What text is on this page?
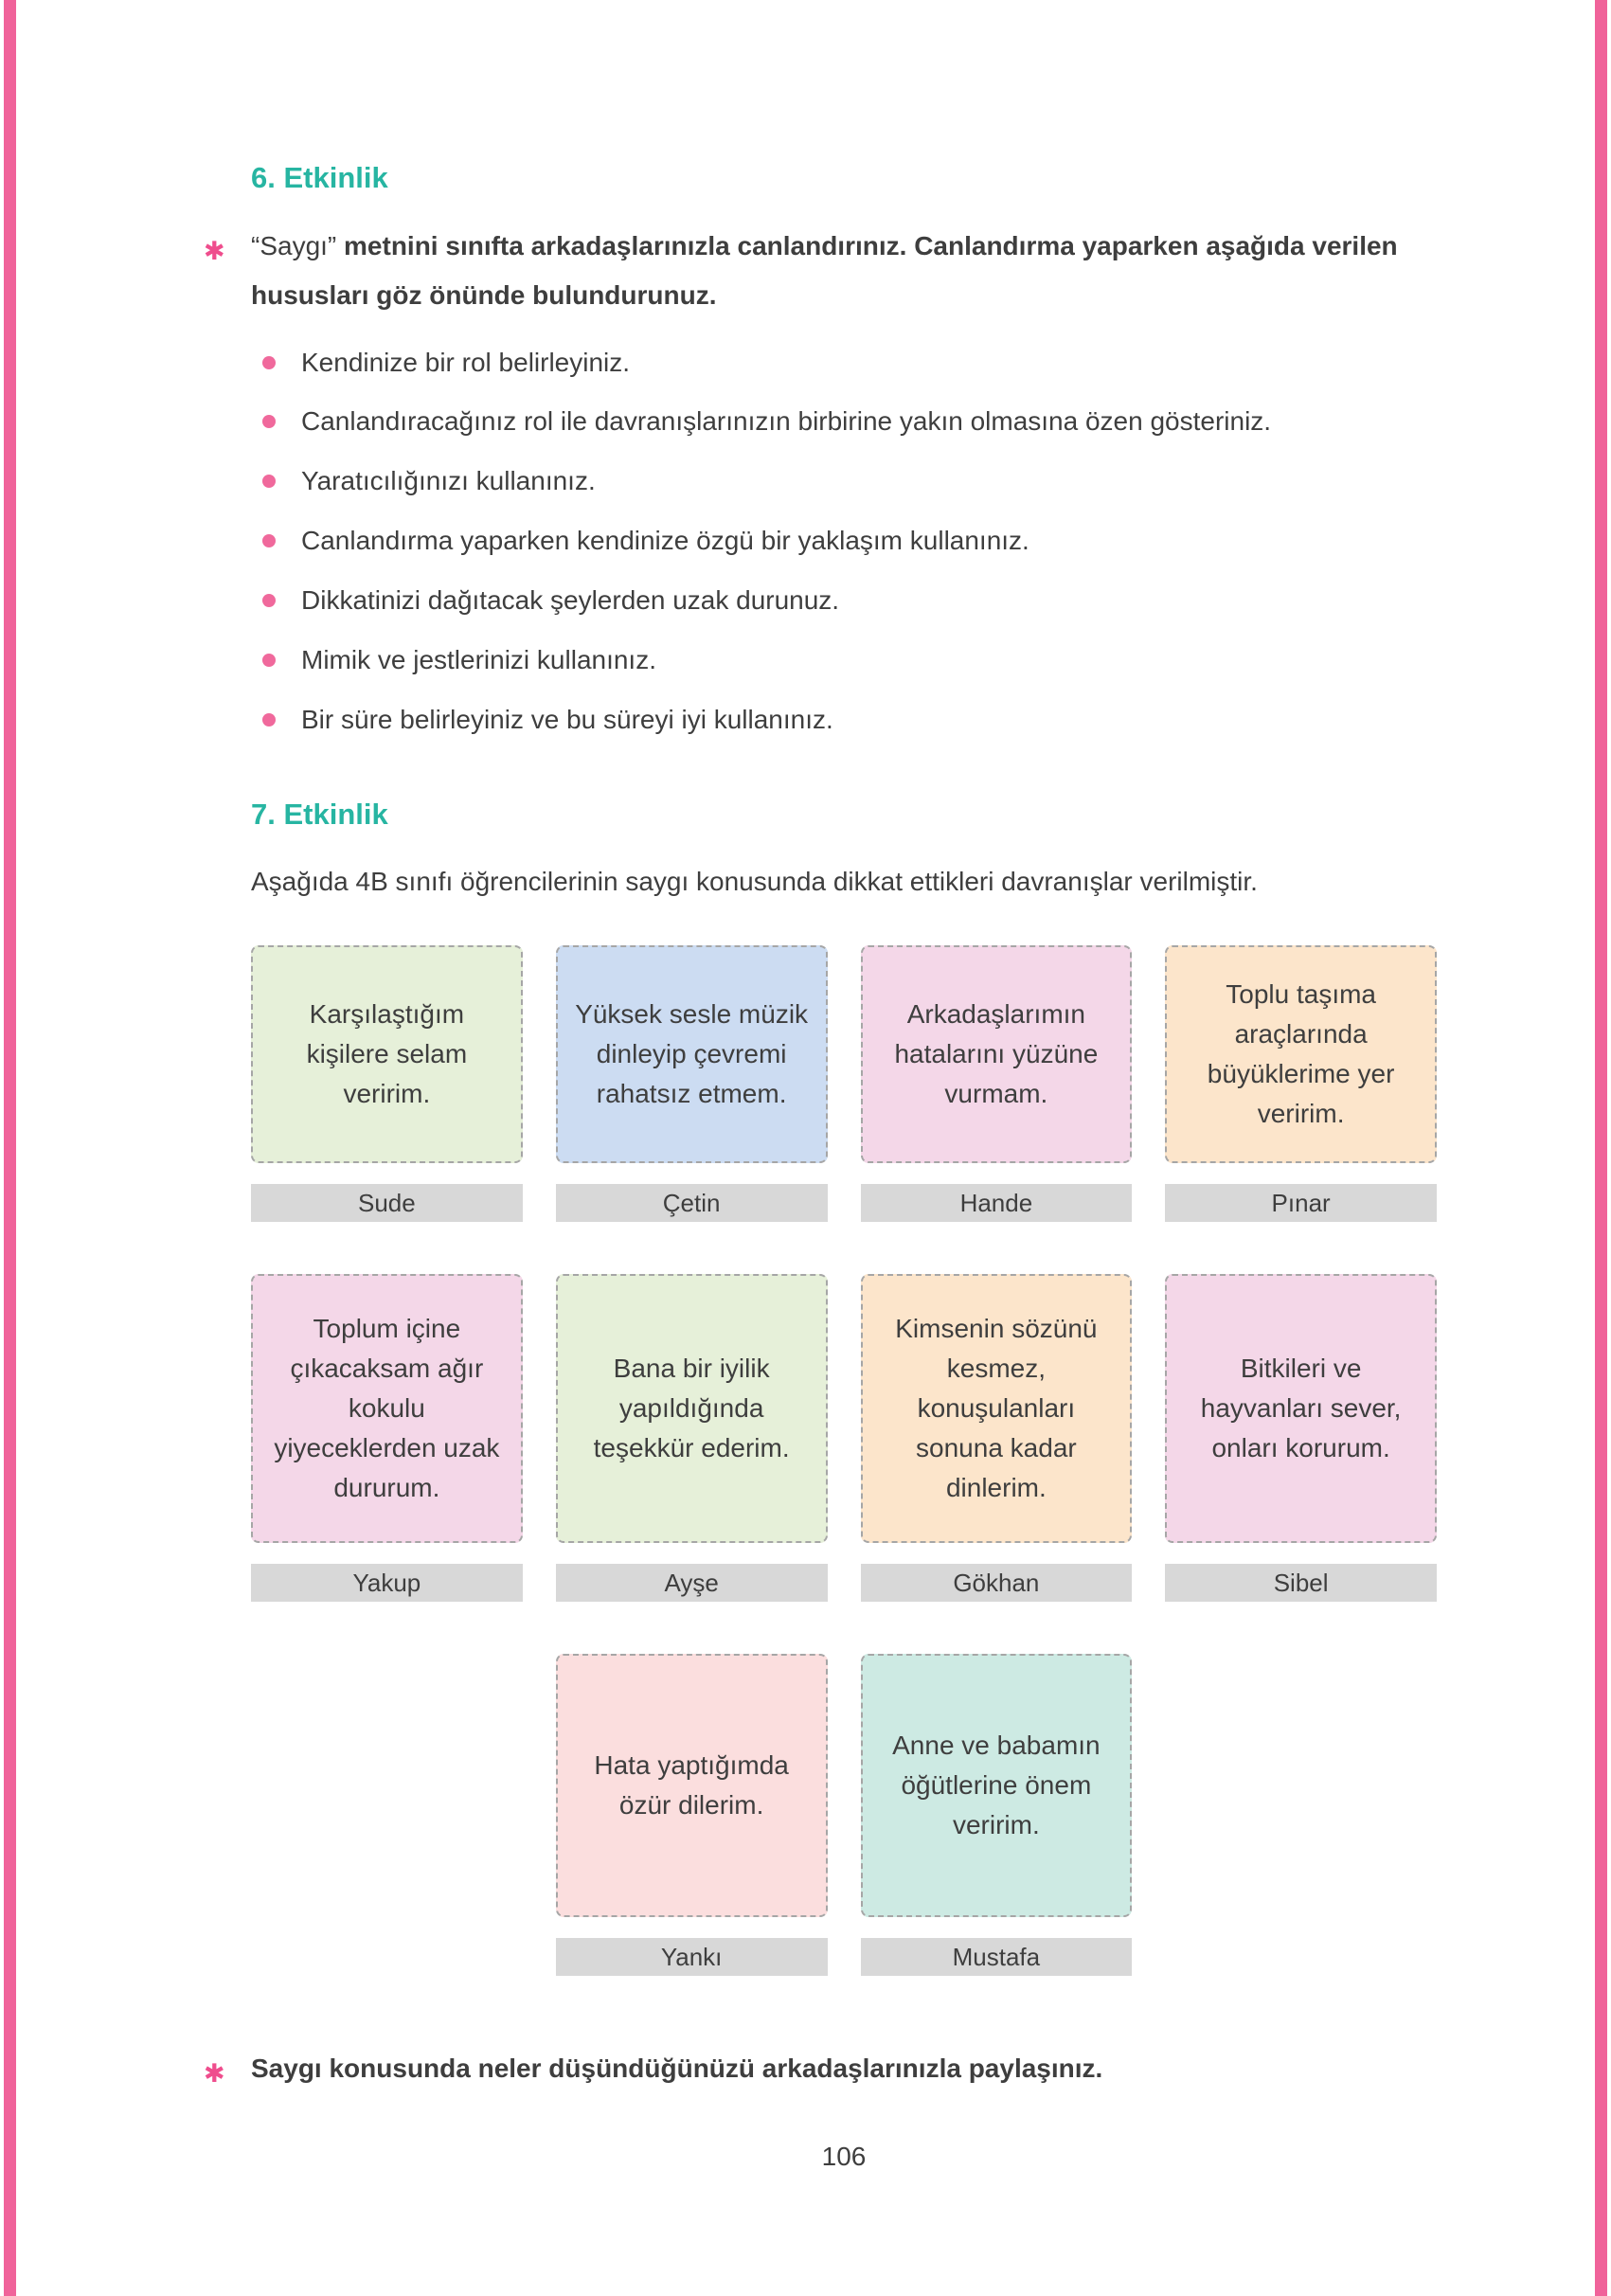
6. Etkinlik

✱ “Saygı” metnini sınıfta arkadaşlarınızla canlandırınız. Canlandırma yaparken aşağıda verilen hususları göz önünde bulundurunuz.

Kendinize bir rol belirleyiniz.
Canlandıracağınız rol ile davranışlarınızın birbirine yakın olmasına özen gösteriniz.
Yaratıcılığınızı kullanınız.
Canlandırma yaparken kendinize özgü bir yaklaşım kullanınız.
Dikkatinizi dağıtacak şeylerden uzak durunuz.
Mimik ve jestlerinizi kullanınız.
Bir süre belirleyiniz ve bu süreyi iyi kullanınız.
7. Etkinlik

Aşağıda 4B sınıfı öğrencilerinin saygı konusunda dikkat ettikleri davranışlar verilmiştir.

Karşılaştığım kişilere selam veririm.
Sude
Yüksek sesle müzik dinleyip çevremi rahatsız etmem.
Çetin
Arkadaşlarımın hatalarını yüzüne vurmam.
Hande
Toplu taşıma araçlarında büyüklerime yer veririm.
Pınar
Toplum içine çıkacaksam ağır kokulu yiyeceklerden uzak dururum.
Yakup
Bana bir iyilik yapıldığında teşekkür ederim.
Ayşe
Kimsenin sözünü kesmez, konuşulanları sonuna kadar dinlerim.
Gökhan
Bitkileri ve hayvanları sever, onları korurum.
Sibel
Hata yaptığımda özür dilerim.
Yankı
Anne ve babamın öğütlerine önem veririm.
Mustafa

✱ Saygı konusunda neler düşündüğünüzü arkadaşlarınızla paylaşınız.

106
